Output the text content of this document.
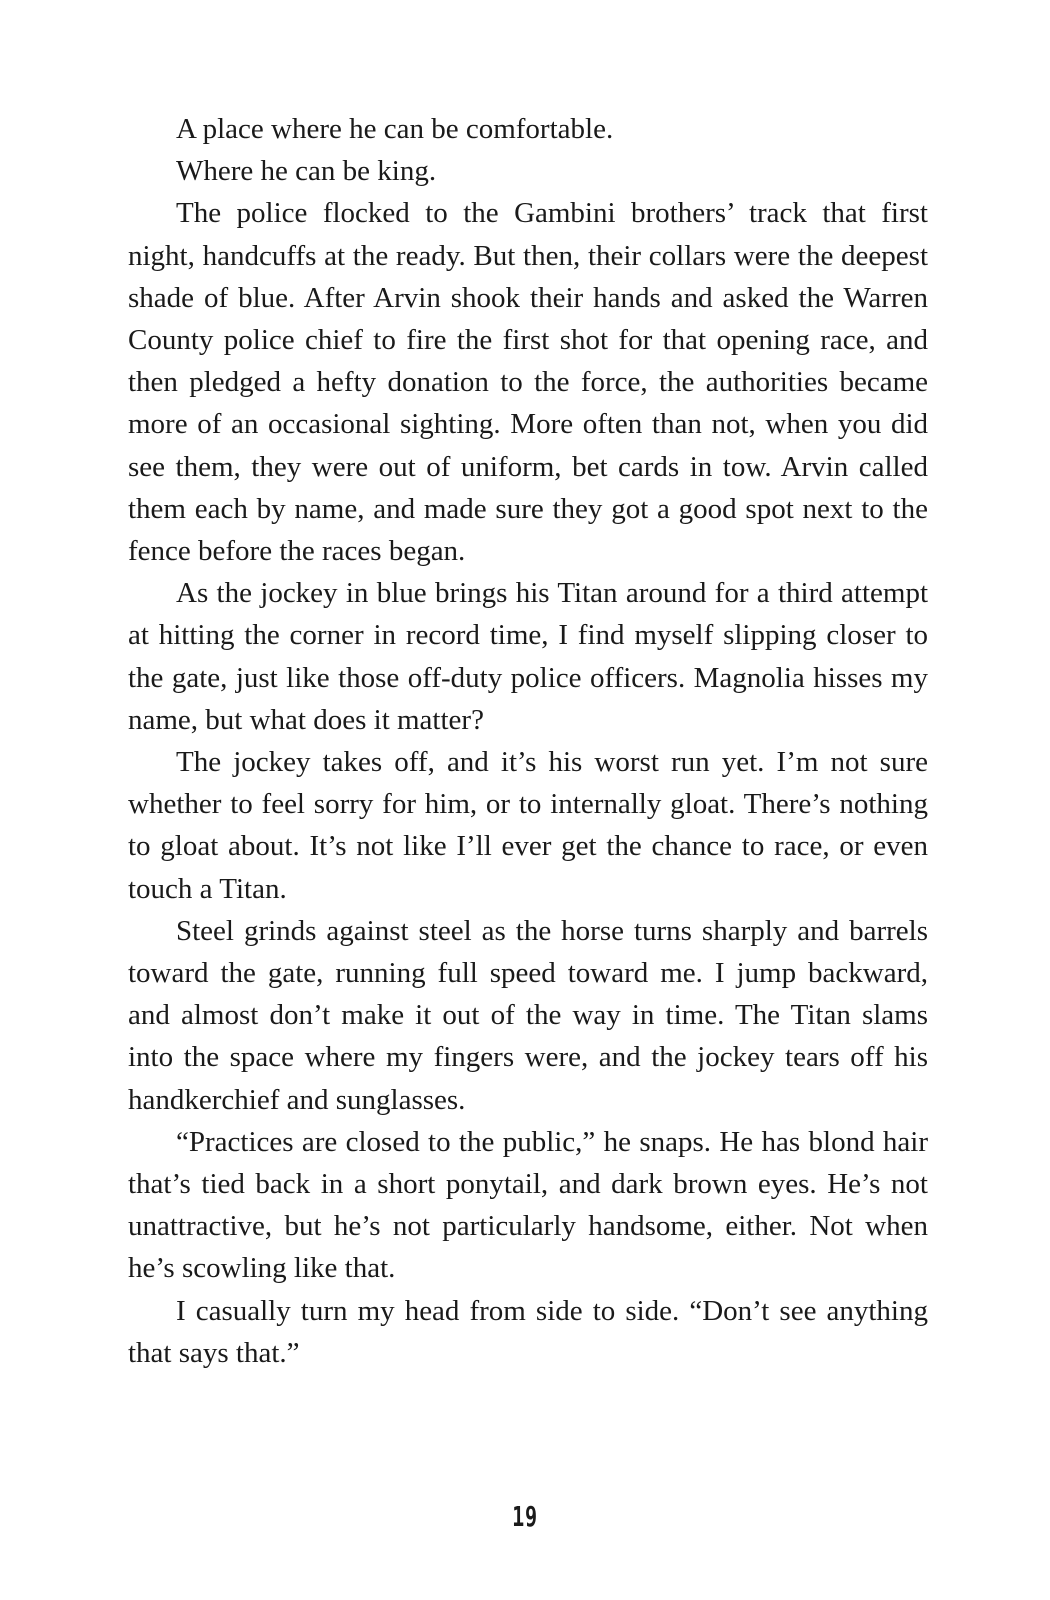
A place where he can be comfortable.

Where he can be king.

The police flocked to the Gambini brothers’ track that first night, handcuffs at the ready. But then, their collars were the deepest shade of blue. After Arvin shook their hands and asked the Warren County police chief to fire the first shot for that opening race, and then pledged a hefty donation to the force, the authorities became more of an occasional sighting. More often than not, when you did see them, they were out of uniform, bet cards in tow. Arvin called them each by name, and made sure they got a good spot next to the fence before the races began.

As the jockey in blue brings his Titan around for a third attempt at hitting the corner in record time, I find myself slipping closer to the gate, just like those off-duty police officers. Magnolia hisses my name, but what does it matter?

The jockey takes off, and it’s his worst run yet. I’m not sure whether to feel sorry for him, or to internally gloat. There’s nothing to gloat about. It’s not like I’ll ever get the chance to race, or even touch a Titan.

Steel grinds against steel as the horse turns sharply and barrels toward the gate, running full speed toward me. I jump backward, and almost don’t make it out of the way in time. The Titan slams into the space where my fingers were, and the jockey tears off his handkerchief and sunglasses.

“Practices are closed to the public,” he snaps. He has blond hair that’s tied back in a short ponytail, and dark brown eyes. He’s not unattractive, but he’s not particularly handsome, either. Not when he’s scowling like that.

I casually turn my head from side to side. “Don’t see anything that says that.”

19
